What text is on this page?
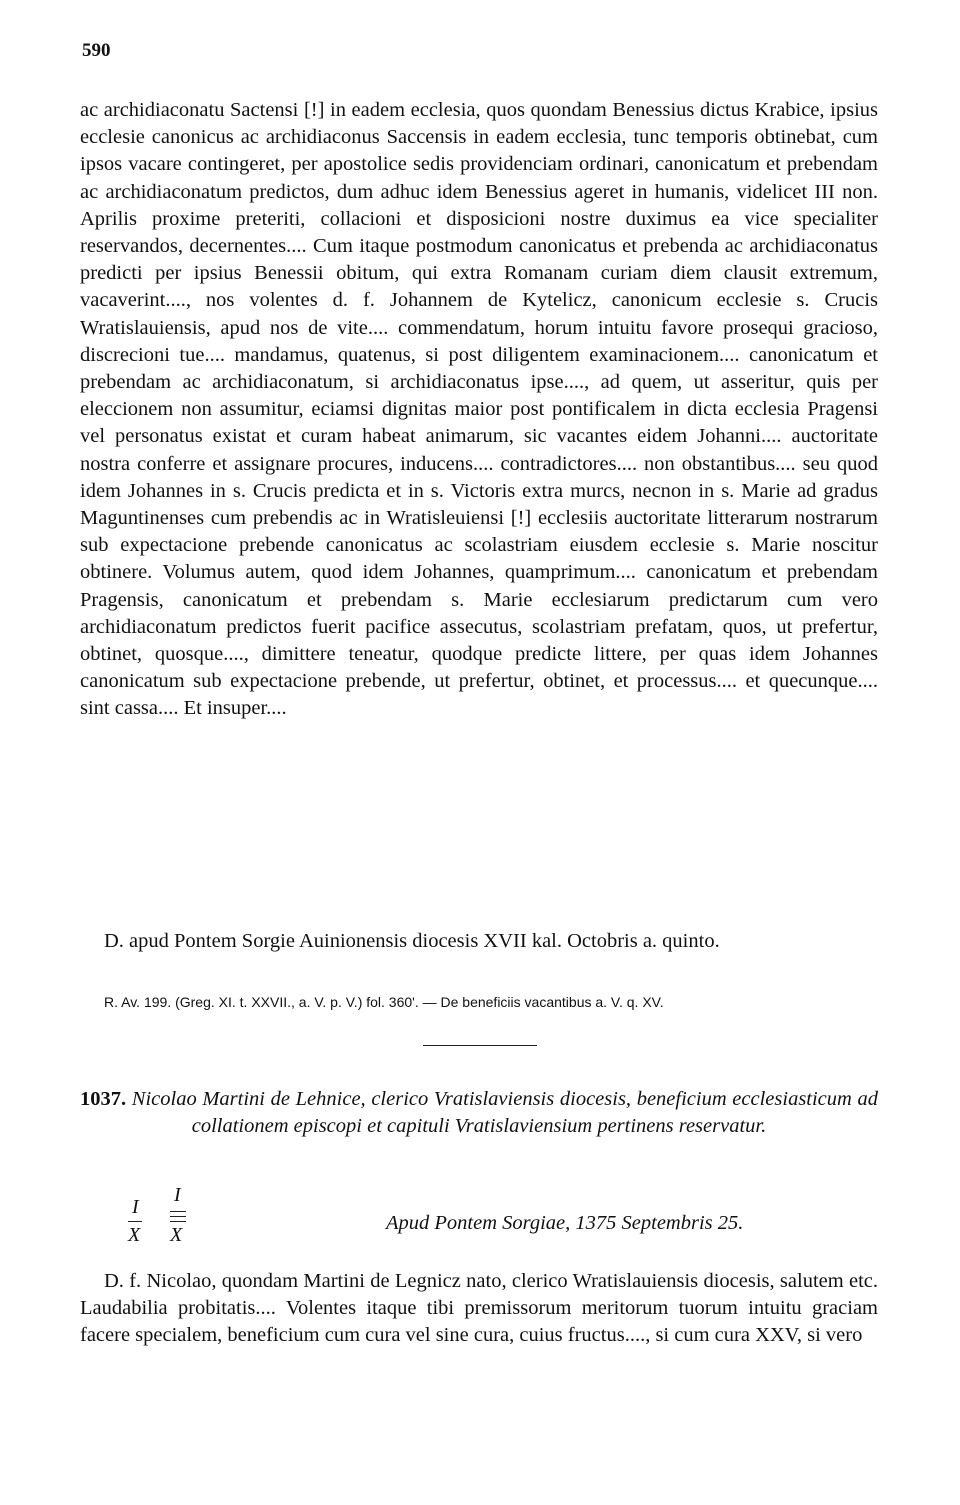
590

ac archidiaconatu Sactensi [!] in eadem ecclesia, quos quondam Benessius dictus Krabice, ipsius ecclesie canonicus ac archidiaconus Saccensis in eadem ecclesia, tunc temporis obtinebat, cum ipsos vacare contingeret, per apostolice sedis providenciam ordinari, canonicatum et prebendam ac archidiaconatum predictos, dum adhuc idem Benessius ageret in humanis, videlicet III non. Aprilis proxime preteriti, collacioni et disposicioni nostre duximus ea vice specialiter reservandos, decernentes.... Cum itaque postmodum canonicatus et prebenda ac archidiaconatus predicti per ipsius Benessii obitum, qui extra Romanam curiam diem clausit extremum, vacaverint...., nos volentes d. f. Johannem de Kytelicz, canonicum ecclesie s. Crucis Wratislauiensis, apud nos de vite.... commendatum, horum intuitu favore prosequi gracioso, discrecioni tue.... mandamus, quatenus, si post diligentem examinacionem.... canonicatum et prebendam ac archidiaconatum, si archidiaconatus ipse...., ad quem, ut asseritur, quis per eleccionem non assumitur, eciamsi dignitas maior post pontificalem in dicta ecclesia Pragensi vel personatus existat et curam habeat animarum, sic vacantes eidem Johanni.... auctoritate nostra conferre et assignare procures, inducens.... contradictores.... non obstantibus.... seu quod idem Johannes in s. Crucis predicta et in s. Victoris extra murcs, necnon in s. Marie ad gradus Maguntinenses cum prebendis ac in Wratisleuiensi [!] ecclesiis auctoritate litterarum nostrarum sub expectacione prebende canonicatus ac scolastriam eiusdem ecclesie s. Marie noscitur obtinere. Volumus autem, quod idem Johannes, quamprimum.... canonicatum et prebendam Pragensis, canonicatum et prebendam s. Marie ecclesiarum predictarum cum vero archidiaconatum predictos fuerit pacifice assecutus, scolastriam prefatam, quos, ut prefertur, obtinet, quosque...., dimittere teneatur, quodque predicte littere, per quas idem Johannes canonicatum sub expectacione prebende, ut prefertur, obtinet, et processus.... et quecunque.... sint cassa.... Et insuper....

D. apud Pontem Sorgie Auinionensis diocesis XVII kal. Octobris a. quinto.

R. Av. 199. (Greg. XI. t. XXVII., a. V. p. V.) fol. 360'. — De beneficiis vacantibus a. V. q. XV.

1037. Nicolao Martini de Lehnice, clerico Vratislaviensis diocesis, beneficium ecclesiasticum ad collationem episcopi et capituli Vratislaviensium pertinens reservatur.

I
X
I
X
Apud Pontem Sorgiae, 1375 Septembris 25.

D. f. Nicolao, quondam Martini de Legnicz nato, clerico Wratislauiensis diocesis, salutem etc. Laudabilia probitatis.... Volentes itaque tibi premissorum meritorum tuorum intuitu graciam facere specialem, beneficium cum cura vel sine cura, cuius fructus...., si cum cura XXV, si vero
